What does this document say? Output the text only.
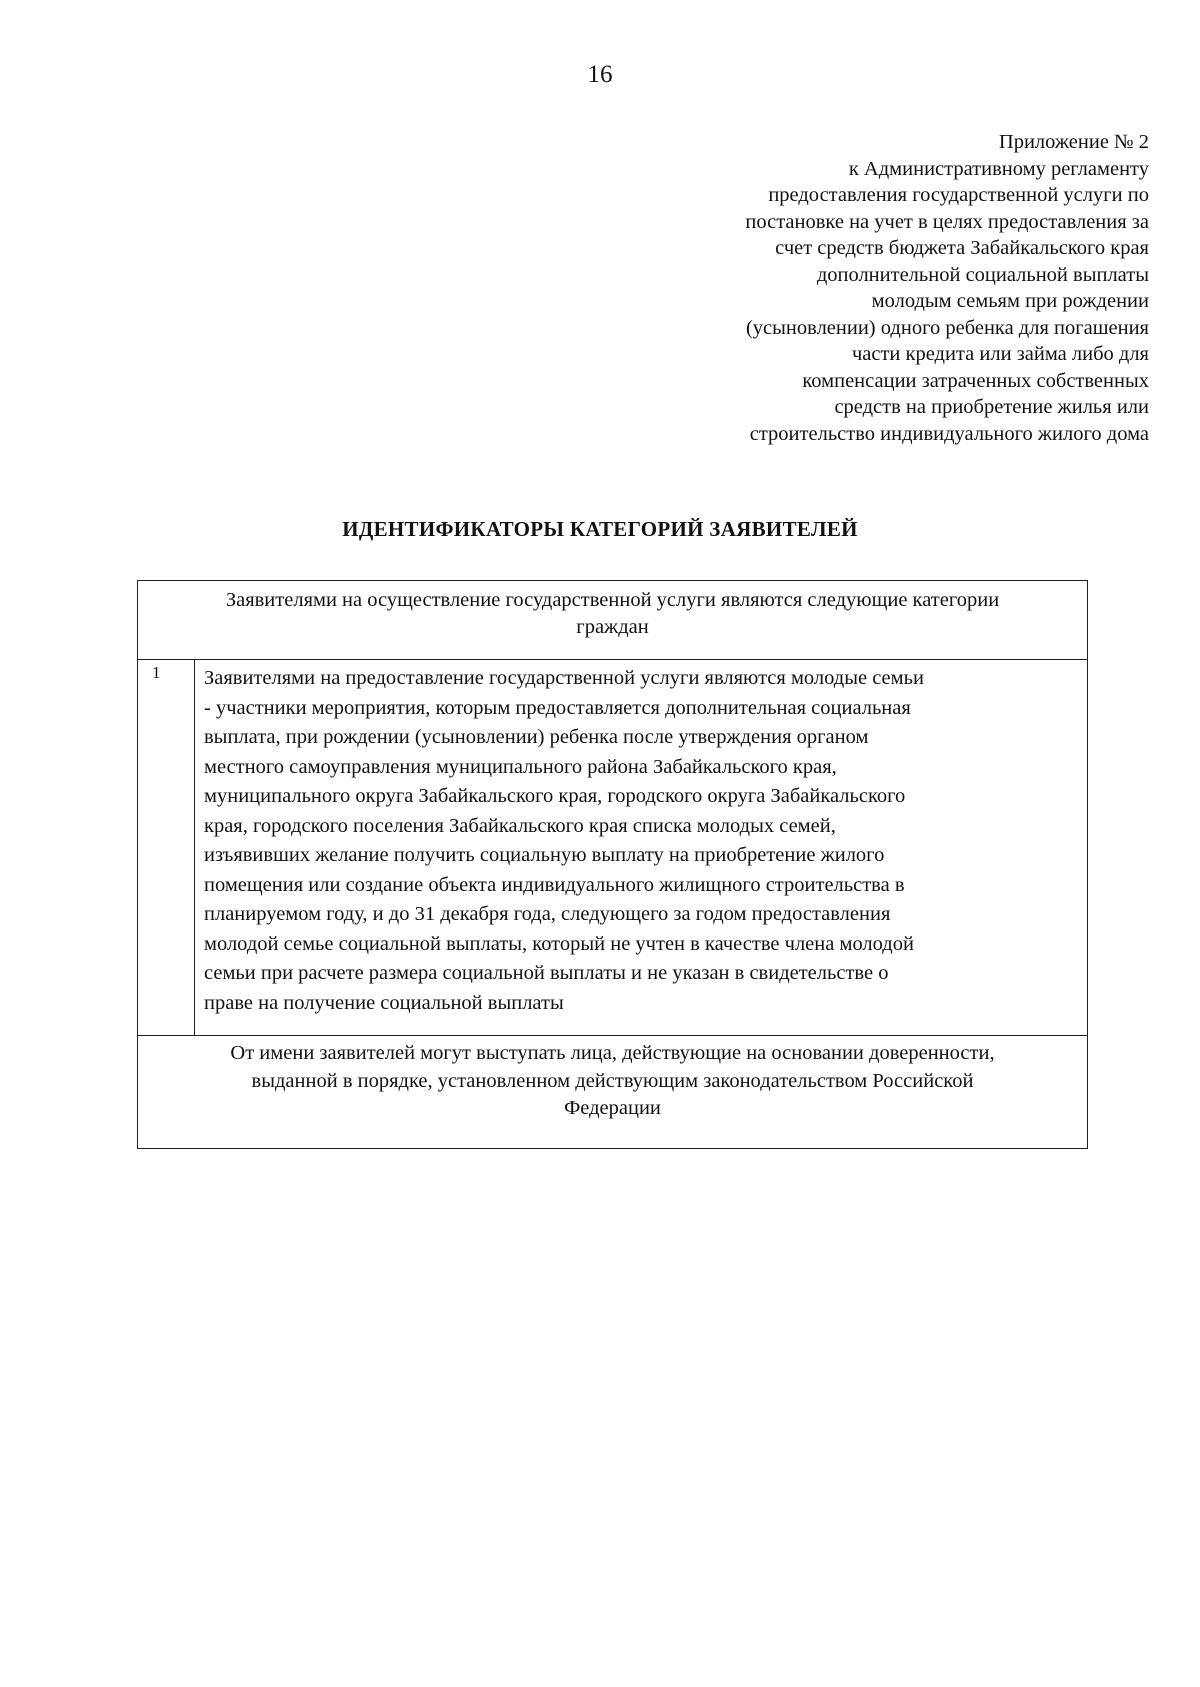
16
Приложение № 2
к Административному регламенту
предоставления государственной услуги по
постановке на учет в целях предоставления за
счет средств бюджета Забайкальского края
дополнительной социальной выплаты
молодым семьям при рождении
(усыновлении) одного ребенка для погашения
части кредита или займа либо для
компенсации затраченных собственных
средств на приобретение жилья или
строительство индивидуального жилого дома
ИДЕНТИФИКАТОРЫ КАТЕГОРИЙ ЗАЯВИТЕЛЕЙ
Заявителями на осуществление государственной услуги являются следующие категории
граждан
1	Заявителями на предоставление государственной услуги являются молодые семьи
- участники мероприятия, которым предоставляется дополнительная социальная
выплата, при рождении (усыновлении) ребенка после утверждения органом
местного самоуправления муниципального района Забайкальского края,
муниципального округа Забайкальского края, городского округа Забайкальского
края, городского поселения Забайкальского края списка молодых семей,
изъявивших желание получить социальную выплату на приобретение жилого
помещения или создание объекта индивидуального жилищного строительства в
планируемом году, и до 31 декабря года, следующего за годом предоставления
молодой семье социальной выплаты, который не учтен в качестве члена молодой
семьи при расчете размера социальной выплаты и не указан в свидетельстве о
праве на получение социальной выплаты
От имени заявителей могут выступать лица, действующие на основании доверенности,
выданной в порядке, установленном действующим законодательством Российской
Федерации
